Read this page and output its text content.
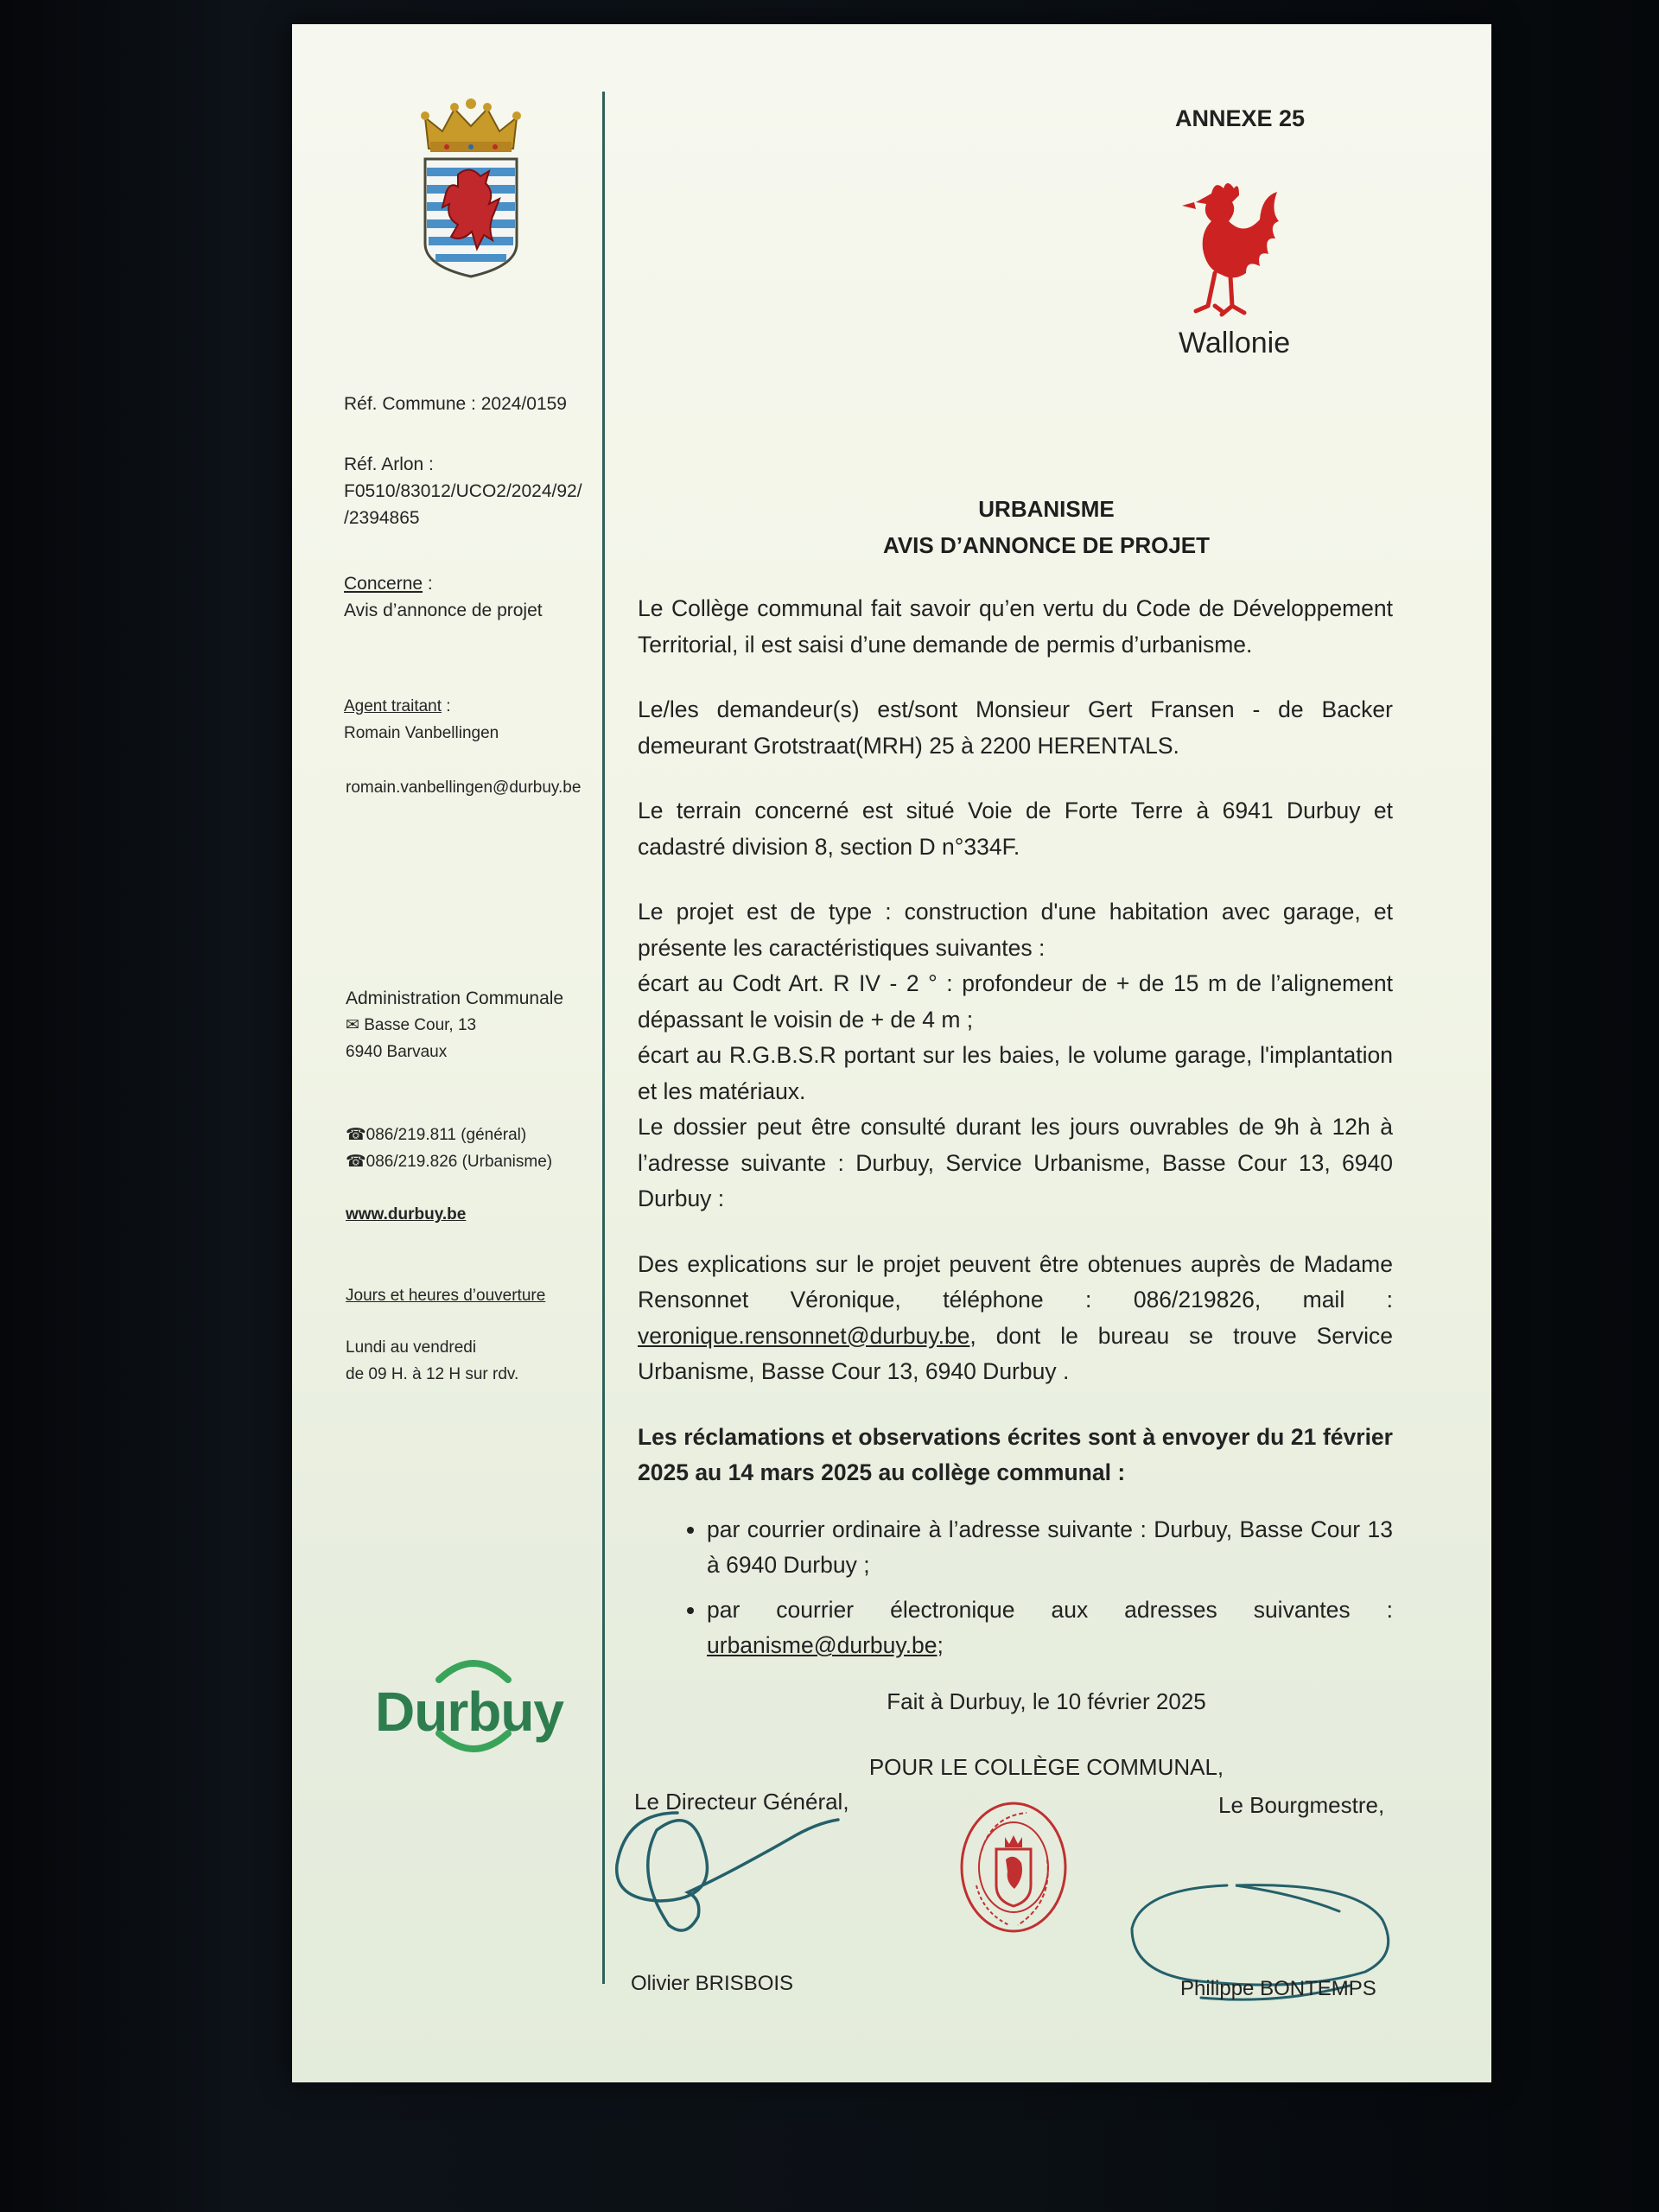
Réf. Commune : 2024/0159
Réf. Arlon :
F0510/83012/UCO2/2024/92/
/2394865
Concerne :
Avis d’annonce de projet
Agent traitant :
Romain Vanbellingen
romain.vanbellingen@durbuy.be
Administration Communale
✉ Basse Cour, 13
6940 Barvaux
☎086/219.811 (général)
☎086/219.826 (Urbanisme)
www.durbuy.be
Jours et heures d’ouverture
Lundi au vendredi
de 09 H. à 12 H sur rdv.
Durbuy
ANNEXE 25
Wallonie
URBANISME
AVIS D’ANNONCE DE PROJET

Le Collège communal fait savoir qu’en vertu du Code de Développement Territorial, il est saisi d’une demande de permis d’urbanisme.

Le/les demandeur(s) est/sont Monsieur Gert Fransen - de Backer demeurant Grotstraat(MRH) 25 à 2200 HERENTALS.

Le terrain concerné est situé Voie de Forte Terre à 6941 Durbuy et cadastré division 8, section D n°334F.

Le projet est de type : construction d'une habitation avec garage, et présente les caractéristiques suivantes :
écart au Codt Art. R IV - 2 ° : profondeur de + de 15 m de l’alignement dépassant le voisin de + de 4 m ;
écart au R.G.B.S.R portant sur les baies, le volume garage, l'implantation et les matériaux.
Le dossier peut être consulté durant les jours ouvrables de 9h à 12h à l’adresse suivante : Durbuy, Service Urbanisme, Basse Cour 13, 6940 Durbuy :

Des explications sur le projet peuvent être obtenues auprès de Madame Rensonnet Véronique, téléphone : 086/219826, mail : veronique.rensonnet@durbuy.be, dont le bureau se trouve Service Urbanisme, Basse Cour 13, 6940 Durbuy .

Les réclamations et observations écrites sont à envoyer du 21 février 2025 au 14 mars 2025 au collège communal :

• par courrier ordinaire à l’adresse suivante : Durbuy, Basse Cour 13 à 6940 Durbuy ;
• par courrier électronique aux adresses suivantes : urbanisme@durbuy.be;
Fait à Durbuy, le 10 février 2025
POUR LE COLLÈGE COMMUNAL,
Le Directeur Général,	Le Bourgmestre,
Olivier BRISBOIS	Philippe BONTEMPS
